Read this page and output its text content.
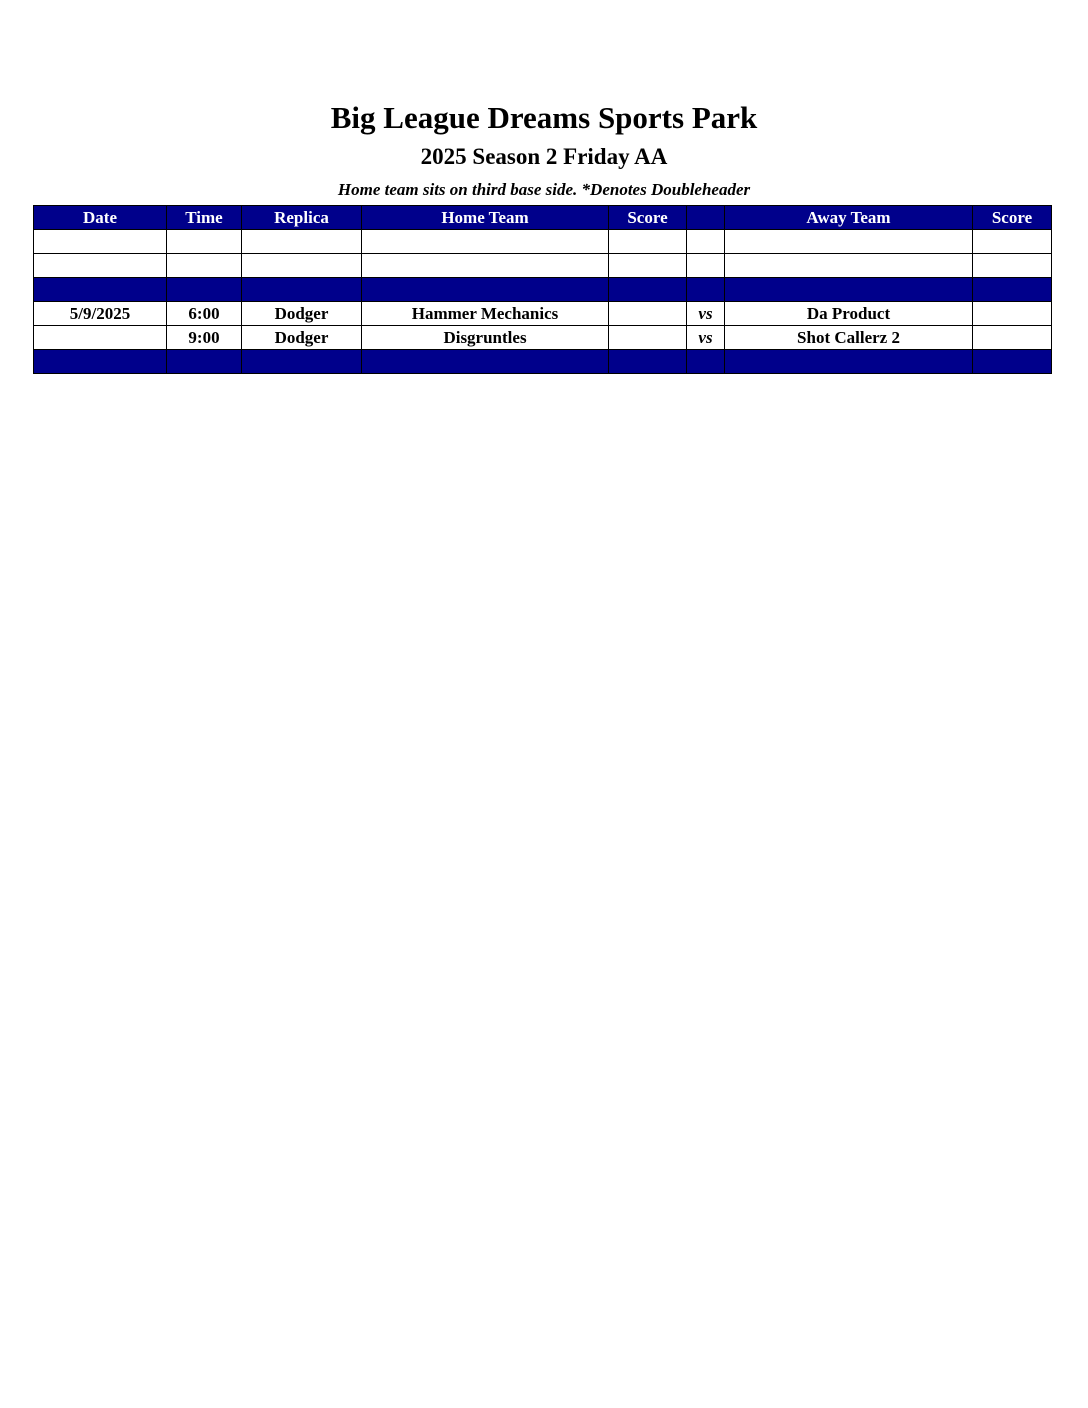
Big League Dreams Sports Park
2025 Season 2 Friday AA
Home team sits on third base side. *Denotes Doubleheader
Date	Time	Replica	Home Team	Score		Away Team	Score

5/9/2025	6:00	Dodger	Hammer Mechanics		vs	Da Product	
	9:00	Dodger	Disgruntles		vs	Shot Callerz 2	
